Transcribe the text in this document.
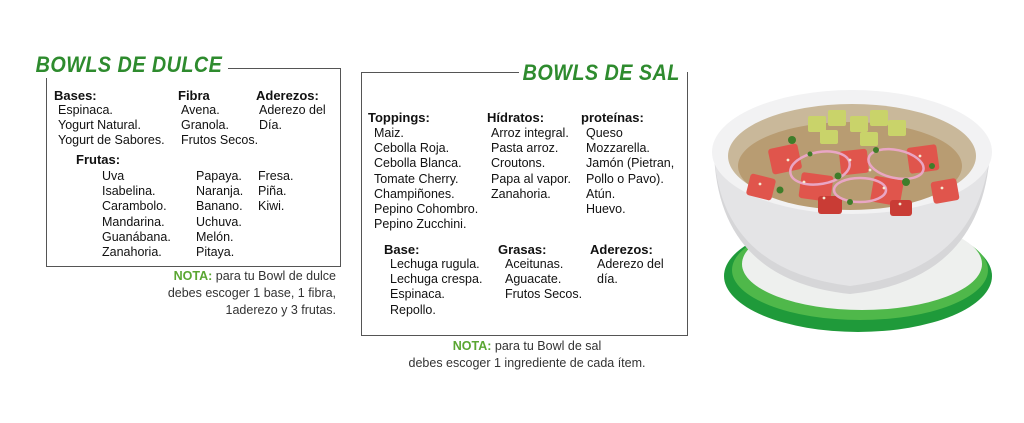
BOWLS DE DULCE
Bases:
Espinaca.
Yogurt Natural.
Yogurt de Sabores.
Fibra
Avena.
Granola.
Frutos Secos.
Aderezos:
Aderezo del
Día.
Frutas:
Uva
Isabelina.
Carambolo.
Mandarina.
Guanábana.
Zanahoria.
Papaya.
Naranja.
Banano.
Uchuva.
Melón.
Pitaya.
Fresa.
Piña.
Kiwi.
NOTA: para tu Bowl de dulce
debes escoger 1 base, 1 fibra,
1aderezo y 3 frutas.
BOWLS DE SAL
Toppings:
Maiz.
Cebolla Roja.
Cebolla Blanca.
Tomate Cherry.
Champiñones.
Pepino Cohombro.
Pepino Zucchini.
Hídratos:
Arroz integral.
Pasta arroz.
Croutons.
Papa al vapor.
Zanahoria.
proteínas:
Queso
Mozzarella.
Jamón (Pietran,
Pollo o Pavo).
Atún.
Huevo.
Base:
Lechuga rugula.
Lechuga crespa.
Espinaca.
Repollo.
Grasas:
Aceitunas.
Aguacate.
Frutos Secos.
Aderezos:
Aderezo del
día.
NOTA: para tu Bowl de sal
debes escoger 1 ingrediente de cada ítem.
